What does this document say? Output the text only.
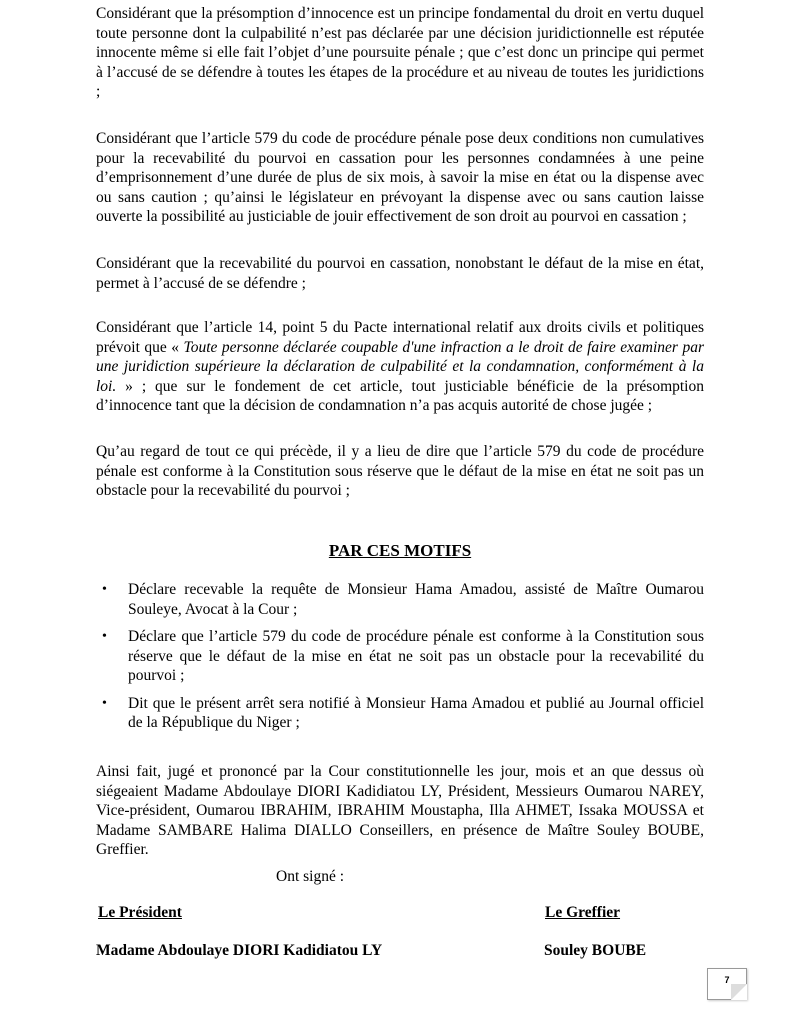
Considérant que la présomption d’innocence est un principe fondamental du droit en vertu duquel toute personne dont la culpabilité n’est pas déclarée par une décision juridictionnelle est réputée innocente même si elle fait l’objet d’une poursuite pénale ; que c’est donc un principe qui permet à l’accusé de se défendre à toutes les étapes de la procédure et au niveau de toutes les juridictions ;

Considérant que l’article 579 du code de procédure pénale pose deux conditions non cumulatives pour la recevabilité du pourvoi en cassation pour les personnes condamnées à une peine d’emprisonnement d’une durée de plus de six mois, à savoir la mise en état ou la dispense avec ou sans caution ; qu’ainsi le législateur en prévoyant la dispense avec ou sans caution laisse ouverte la possibilité au justiciable de jouir effectivement de son droit au pourvoi en cassation ;

Considérant que la recevabilité du pourvoi en cassation, nonobstant le défaut de la mise en état, permet à l’accusé de se défendre ;

Considérant que l’article 14, point 5 du Pacte international relatif aux droits civils et politiques prévoit que « Toute personne déclarée coupable d'une infraction a le droit de faire examiner par une juridiction supérieure la déclaration de culpabilité et la condamnation, conformément à la loi. » ; que sur le fondement de cet article, tout justiciable bénéficie de la présomption d’innocence tant que la décision de condamnation n’a pas acquis autorité de chose jugée ;

Qu’au regard de tout ce qui précède, il y a lieu de dire que l’article 579 du code de procédure pénale est conforme à la Constitution sous réserve que le défaut de la mise en état ne soit pas un obstacle pour la recevabilité du pourvoi ;

PAR CES MOTIFS
• Déclare recevable la requête de Monsieur Hama Amadou, assisté de Maître Oumarou Souleye, Avocat à la Cour ;
• Déclare que l’article 579 du code de procédure pénale est conforme à la Constitution sous réserve que le défaut de la mise en état ne soit pas un obstacle pour la recevabilité du pourvoi ;
• Dit que le présent arrêt sera notifié à Monsieur Hama Amadou et publié au Journal officiel de la République du Niger ;

Ainsi fait, jugé et prononcé par la Cour constitutionnelle les jour, mois et an que dessus où siégeaient Madame Abdoulaye DIORI Kadidiatou LY, Président, Messieurs Oumarou NAREY, Vice-président, Oumarou IBRAHIM, IBRAHIM Moustapha, Illa AHMET, Issaka MOUSSA et Madame SAMBARE Halima DIALLO Conseillers, en présence de Maître Souley BOUBE, Greffier.

Ont signé :
Le Président	Le Greffier
Madame Abdoulaye DIORI Kadidiatou LY	Souley BOUBE
7
